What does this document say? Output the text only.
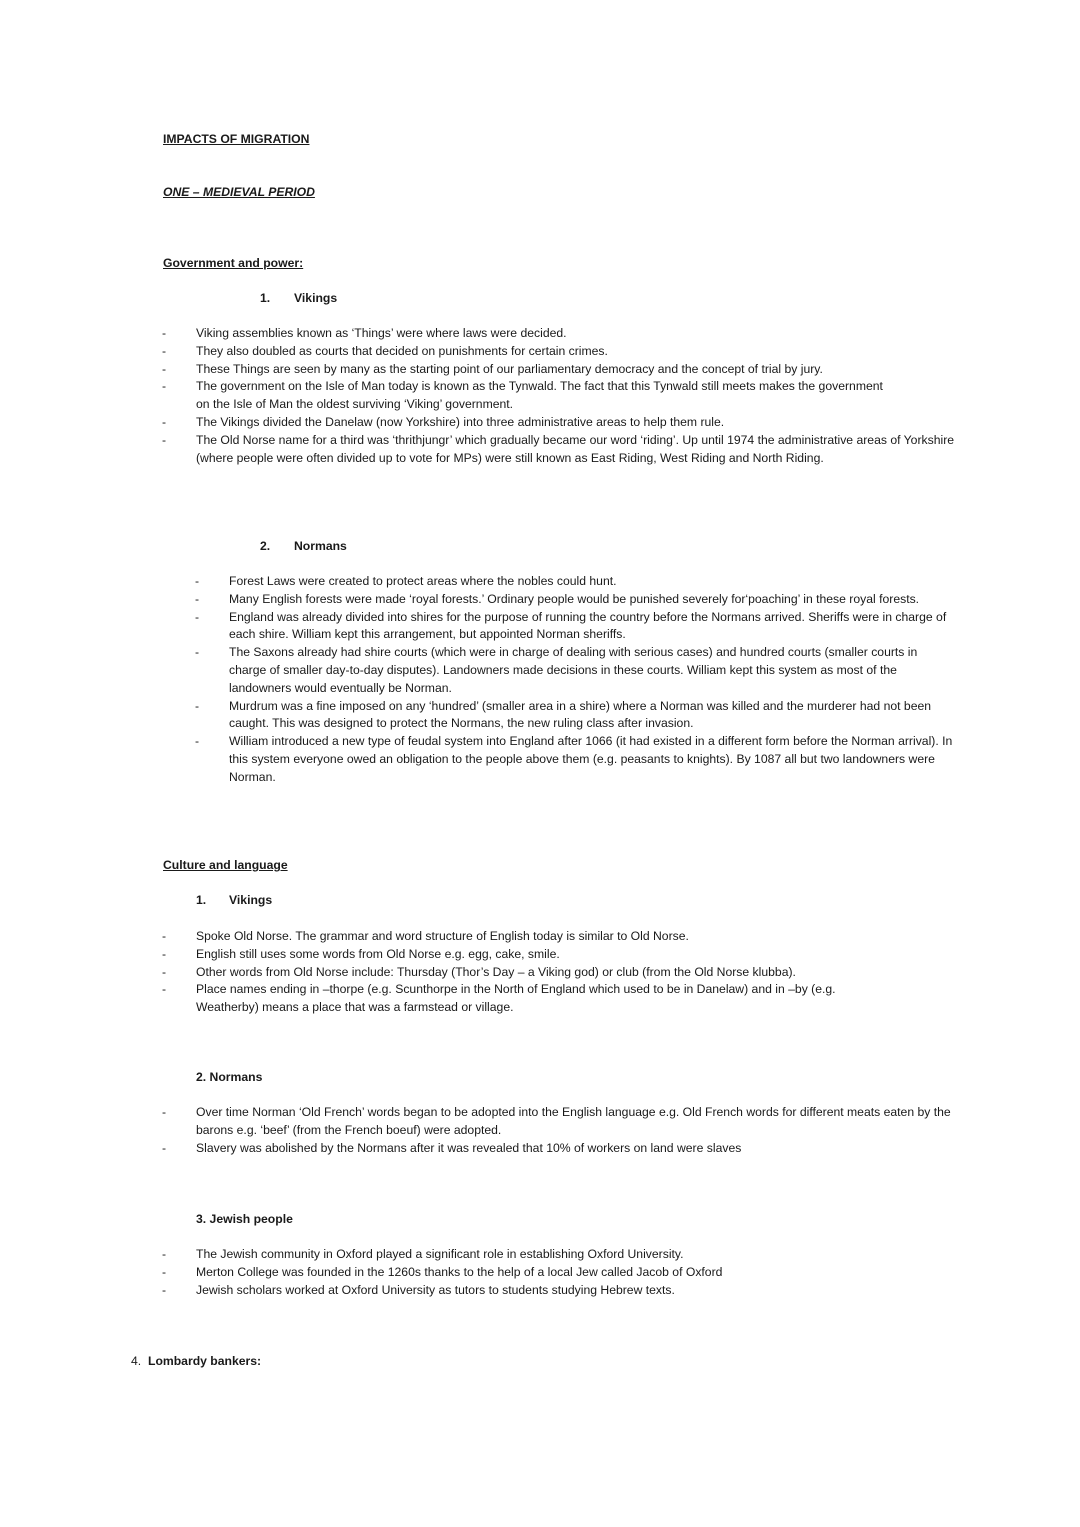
IMPACTS OF MIGRATION
ONE – MEDIEVAL PERIOD
Government and power:
1. Vikings
-	Viking assemblies known as ‘Things’ were where laws were decided.
-	They also doubled as courts that decided on punishments for certain crimes.
-	These Things are seen by many as the starting point of our parliamentary democracy and the concept of trial by jury.
-	The government on the Isle of Man today is known as the Tynwald. The fact that this Tynwald still meets makes the government on the Isle of Man the oldest surviving ‘Viking’ government.
-	The Vikings divided the Danelaw (now Yorkshire) into three administrative areas to help them rule.
-	The Old Norse name for a third was ‘thrithjungr’ which gradually became our word ‘riding’. Up until 1974 the administrative areas of Yorkshire (where people were often divided up to vote for MPs) were still known as East Riding, West Riding and North Riding.
2. Normans
-	Forest Laws were created to protect areas where the nobles could hunt.
-	Many English forests were made ‘royal forests.’ Ordinary people would be punished severely for‘poaching’ in these royal forests.
-	England was already divided into shires for the purpose of running the country before the Normans arrived. Sheriffs were in charge of each shire. William kept this arrangement, but appointed Norman sheriffs.
-	The Saxons already had shire courts (which were in charge of dealing with serious cases) and hundred courts (smaller courts in charge of smaller day-to-day disputes). Landowners made decisions in these courts. William kept this system as most of the landowners would eventually be Norman.
-	Murdrum was a fine imposed on any ‘hundred’ (smaller area in a shire) where a Norman was killed and the murderer had not been caught. This was designed to protect the Normans, the new ruling class after invasion.
-	William introduced a new type of feudal system into England after 1066 (it had existed in a different form before the Norman arrival). In this system everyone owed an obligation to the people above them (e.g. peasants to knights). By 1087 all but two landowners were Norman.
Culture and language
1. Vikings
-	Spoke Old Norse. The grammar and word structure of English today is similar to Old Norse.
-	English still uses some words from Old Norse e.g. egg, cake, smile.
-	Other words from Old Norse include: Thursday (Thor’s Day – a Viking god) or club (from the Old Norse klubba).
-	Place names ending in –thorpe (e.g. Scunthorpe in the North of England which used to be in Danelaw) and in –by (e.g. Weatherby) means a place that was a farmstead or village.
2. Normans
-	Over time Norman ‘Old French’ words began to be adopted into the English language e.g. Old French words for different meats eaten by the barons e.g. ‘beef’ (from the French boeuf) were adopted.
-	Slavery was abolished by the Normans after it was revealed that 10% of workers on land were slaves
3. Jewish people
-	The Jewish community in Oxford played a significant role in establishing Oxford University.
-	Merton College was founded in the 1260s thanks to the help of a local Jew called Jacob of Oxford
-	Jewish scholars worked at Oxford University as tutors to students studying Hebrew texts.
4. Lombardy bankers:
